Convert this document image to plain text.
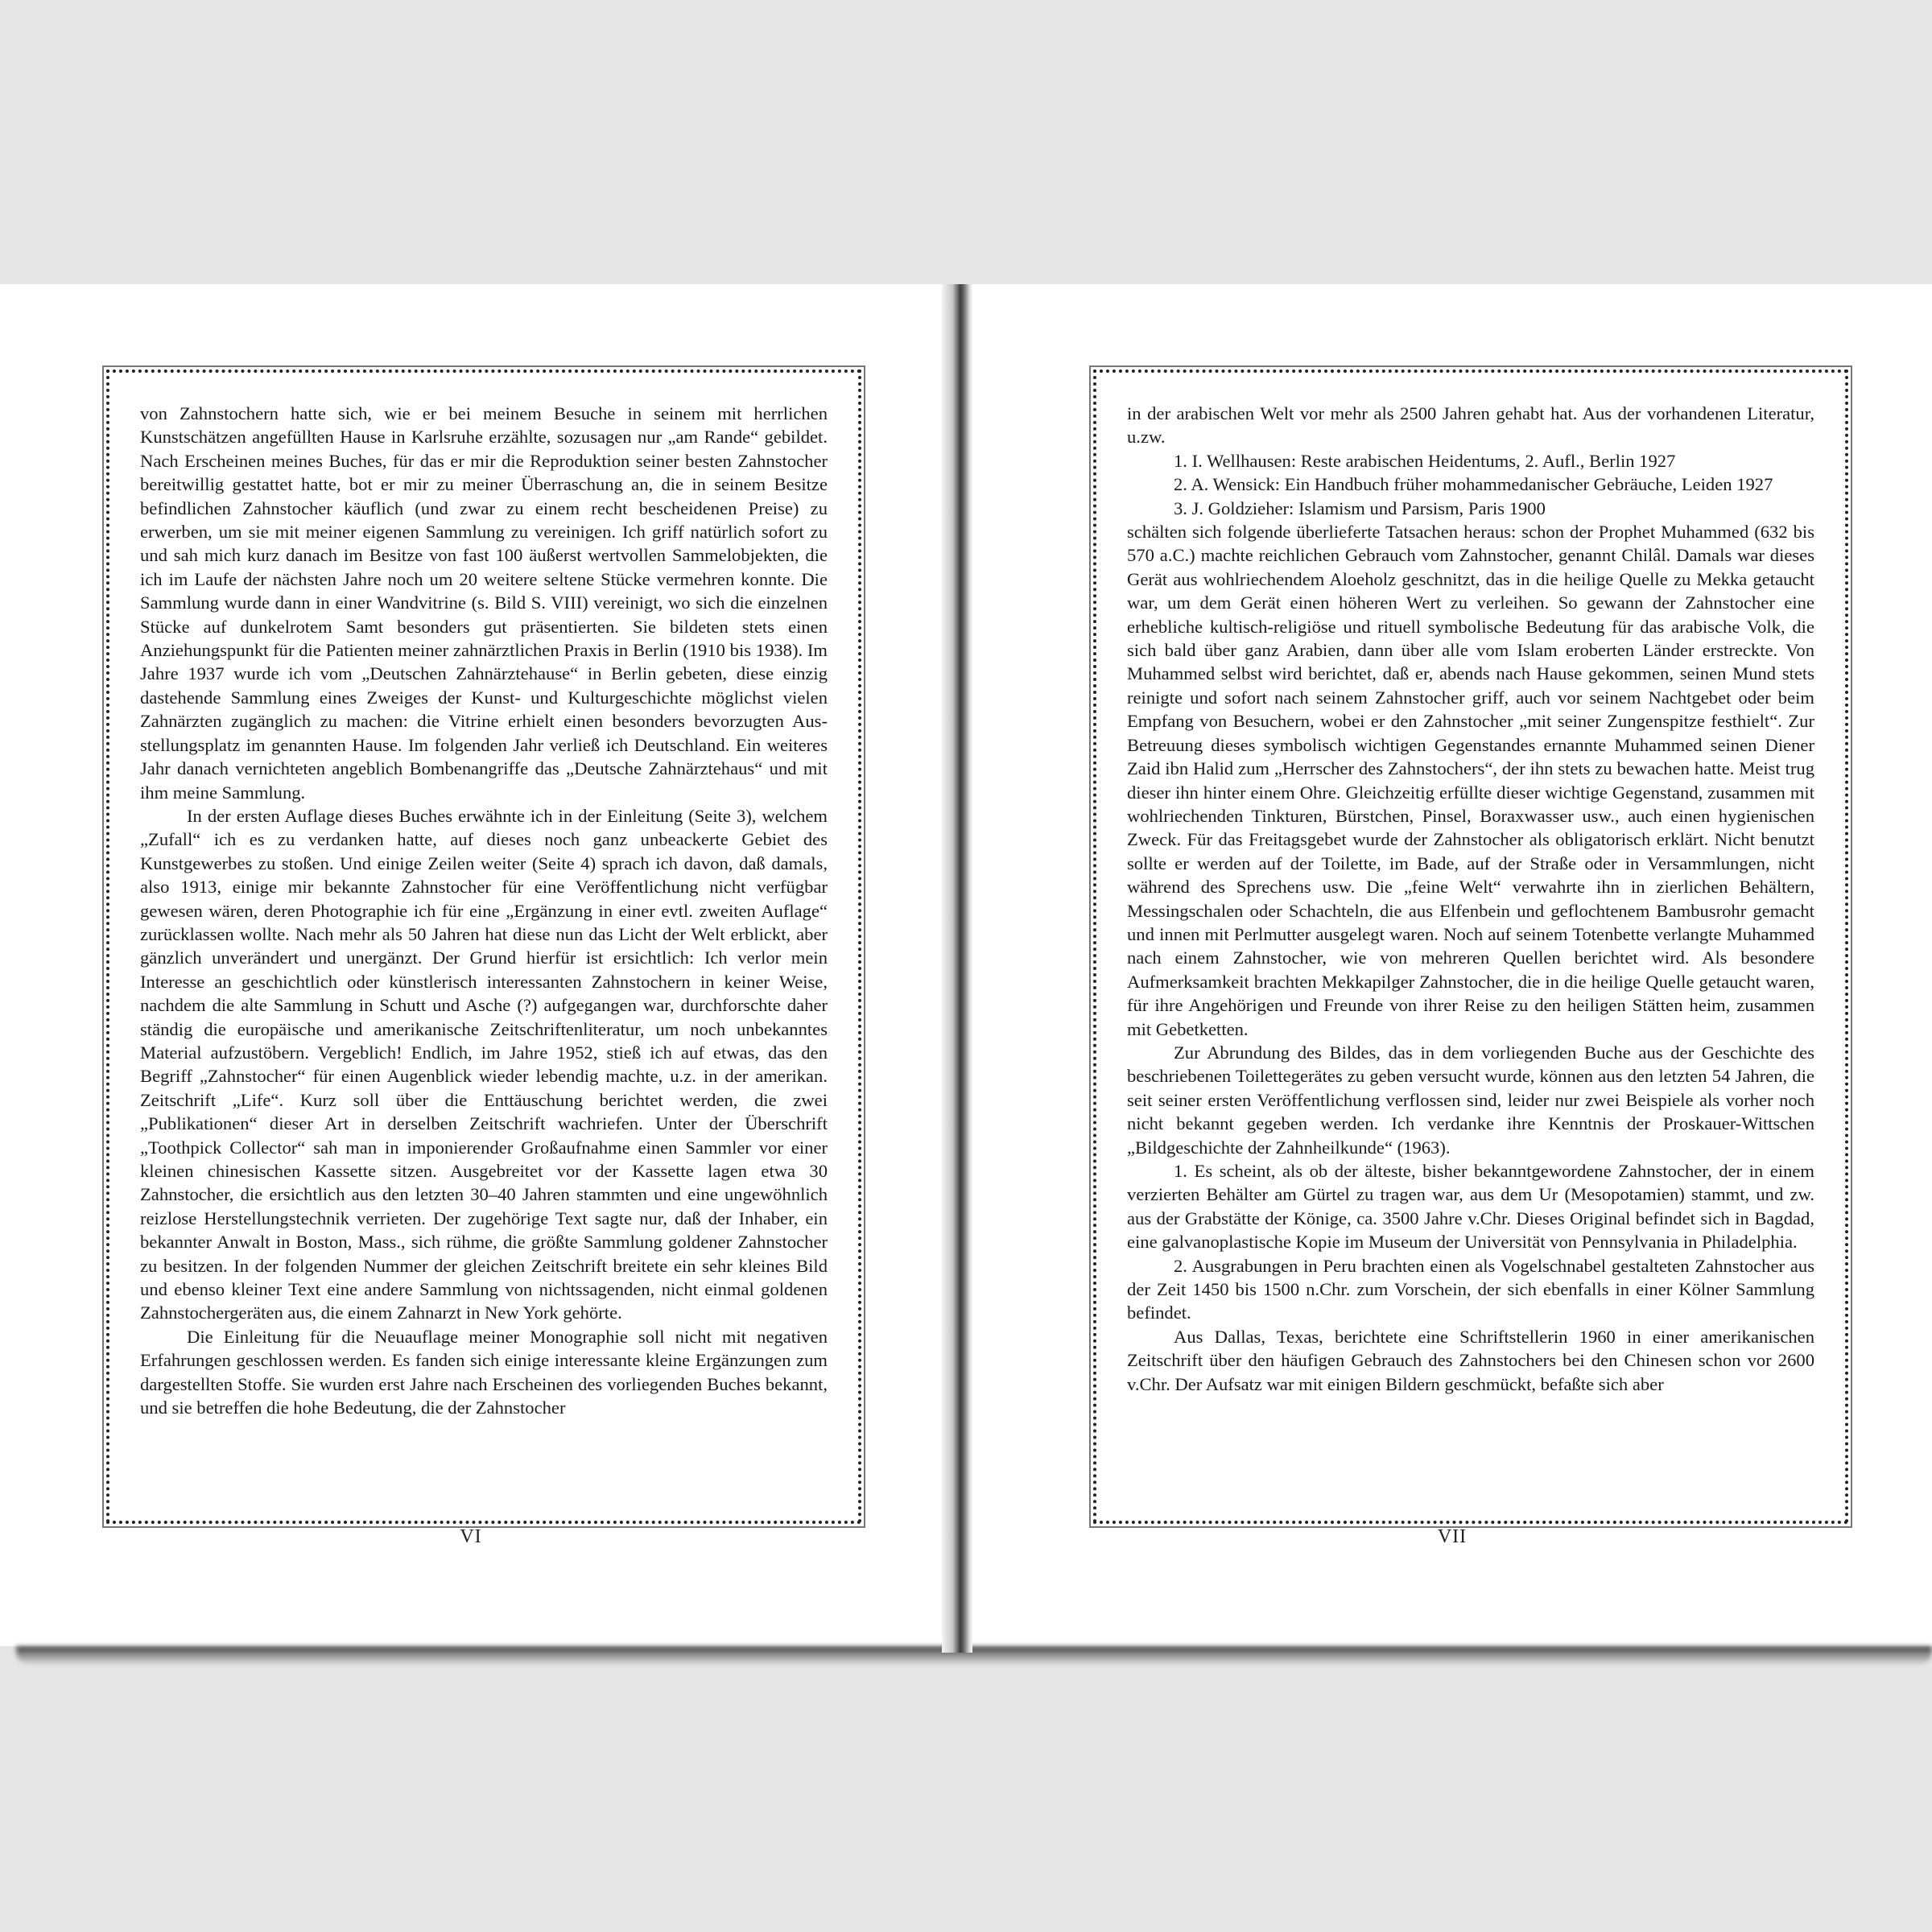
von Zahnstochern hatte sich, wie er bei meinem Besuche in seinem mit herrlichen Kunstschätzen angefüllten Hause in Karlsruhe erzählte, sozusagen nur „am Rande“ gebildet. Nach Erscheinen meines Buches, für das er mir die Reproduktion seiner besten Zahnstocher bereitwillig gestattet hatte, bot er mir zu meiner Überraschung an, die in seinem Besitze befindlichen Zahnstocher käuflich (und zwar zu einem recht bescheidenen Preise) zu erwerben, um sie mit meiner eigenen Sammlung zu vereinigen. Ich griff natürlich sofort zu und sah mich kurz danach im Besitze von fast 100 äußerst wertvollen Sammelobjekten, die ich im Laufe der nächsten Jahre noch um 20 weitere seltene Stücke vermehren konnte. Die Sammlung wurde dann in einer Wandvitrine (s. Bild S. VIII) vereinigt, wo sich die einzelnen Stücke auf dunkelrotem Samt besonders gut präsentierten. Sie bildeten stets einen Anziehungspunkt für die Patienten meiner zahnärztlichen Praxis in Berlin (1910 bis 1938). Im Jahre 1937 wurde ich vom „Deutschen Zahnärztehause“ in Berlin gebeten, diese einzig dastehende Sammlung eines Zweiges der Kunst- und Kulturgeschichte möglichst vielen Zahnärzten zugänglich zu machen: die Vitrine erhielt einen besonders bevorzugten Ausstellungsplatz im genannten Hause. Im folgenden Jahr verließ ich Deutschland. Ein weiteres Jahr danach vernichteten angeblich Bombenangriffe das „Deutsche Zahnärztehaus“ und mit ihm meine Sammlung.

In der ersten Auflage dieses Buches erwähnte ich in der Einleitung (Seite 3), welchem „Zufall“ ich es zu verdanken hatte, auf dieses noch ganz unbeackerte Gebiet des Kunstgewerbes zu stoßen. Und einige Zeilen weiter (Seite 4) sprach ich davon, daß damals, also 1913, einige mir bekannte Zahnstocher für eine Veröffentlichung nicht verfügbar gewesen wären, deren Photographie ich für eine „Ergänzung in einer evtl. zweiten Auflage“ zurücklassen wollte. Nach mehr als 50 Jahren hat diese nun das Licht der Welt erblickt, aber gänzlich unverändert und unergänzt. Der Grund hierfür ist ersichtlich: Ich verlor mein Interesse an geschichtlich oder künstlerisch interessanten Zahnstochern in keiner Weise, nachdem die alte Sammlung in Schutt und Asche (?) aufgegangen war, durchforschte daher ständig die europäische und amerikanische Zeitschriftenliteratur, um noch unbekanntes Material aufzustöbern. Vergeblich! Endlich, im Jahre 1952, stieß ich auf etwas, das den Begriff „Zahnstocher“ für einen Augenblick wieder lebendig machte, u.z. in der amerikan. Zeitschrift „Life“. Kurz soll über die Enttäuschung berichtet werden, die zwei „Publikationen“ dieser Art in derselben Zeitschrift wachriefen. Unter der Überschrift „Toothpick Collector“ sah man in imponierender Großaufnahme einen Sammler vor einer kleinen chinesischen Kassette sitzen. Ausgebreitet vor der Kassette lagen etwa 30 Zahnstocher, die ersichtlich aus den letzten 30–40 Jahren stammten und eine ungewöhnlich reizlose Herstellungstechnik verrieten. Der zugehörige Text sagte nur, daß der Inhaber, ein bekannter Anwalt in Boston, Mass., sich rühme, die größte Sammlung goldener Zahnstocher zu besitzen. In der folgenden Nummer der gleichen Zeitschrift breitete ein sehr kleines Bild und ebenso kleiner Text eine andere Sammlung von nichtssagenden, nicht einmal goldenen Zahnstochergeräten aus, die einem Zahnarzt in New York gehörte.

Die Einleitung für die Neuauflage meiner Monographie soll nicht mit negativen Erfahrungen geschlossen werden. Es fanden sich einige interessante kleine Ergänzungen zum dargestellten Stoffe. Sie wurden erst Jahre nach Erscheinen des vorliegenden Buches bekannt, und sie betreffen die hohe Bedeutung, die der Zahnstocher

VI

in der arabischen Welt vor mehr als 2500 Jahren gehabt hat. Aus der vorhandenen Literatur, u.zw.

1. I. Wellhausen: Reste arabischen Heidentums, 2. Aufl., Berlin 1927
2. A. Wensick: Ein Handbuch früher mohammedanischer Gebräuche, Leiden 1927
3. J. Goldzieher: Islamism und Parsism, Paris 1900

schälten sich folgende überlieferte Tatsachen heraus: schon der Prophet Muhammed (632 bis 570 a.C.) machte reichlichen Gebrauch vom Zahnstocher, genannt Chilâl. Damals war dieses Gerät aus wohlriechendem Aloeholz geschnitzt, das in die heilige Quelle zu Mekka getaucht war, um dem Gerät einen höheren Wert zu verleihen. So gewann der Zahnstocher eine erhebliche kultisch-religiöse und rituell symbolische Bedeutung für das arabische Volk, die sich bald über ganz Arabien, dann über alle vom Islam eroberten Länder erstreckte. Von Muhammed selbst wird berichtet, daß er, abends nach Hause gekommen, seinen Mund stets reinigte und sofort nach seinem Zahnstocher griff, auch vor seinem Nachtgebet oder beim Empfang von Besuchern, wobei er den Zahnstocher „mit seiner Zungenspitze festhielt“. Zur Betreuung dieses symbolisch wichtigen Gegenstandes ernannte Muhammed seinen Diener Zaid ibn Halid zum „Herrscher des Zahnstochers“, der ihn stets zu bewachen hatte. Meist trug dieser ihn hinter einem Ohre. Gleichzeitig erfüllte dieser wichtige Gegenstand, zusammen mit wohlriechenden Tinkturen, Bürstchen, Pinsel, Boraxwasser usw., auch einen hygienischen Zweck. Für das Freitagsgebet wurde der Zahnstocher als obligatorisch erklärt. Nicht benutzt sollte er werden auf der Toilette, im Bade, auf der Straße oder in Versammlungen, nicht während des Sprechens usw. Die „feine Welt“ verwahrte ihn in zierlichen Behältern, Messingschalen oder Schachteln, die aus Elfenbein und geflochtenem Bambusrohr gemacht und innen mit Perlmutter ausgelegt waren. Noch auf seinem Totenbette verlangte Muhammed nach einem Zahnstocher, wie von mehreren Quellen berichtet wird. Als besondere Aufmerksamkeit brachten Mekkapilger Zahnstocher, die in die heilige Quelle getaucht waren, für ihre Angehörigen und Freunde von ihrer Reise zu den heiligen Stätten heim, zusammen mit Gebetketten.

Zur Abrundung des Bildes, das in dem vorliegenden Buche aus der Geschichte des beschriebenen Toilettegerätes zu geben versucht wurde, können aus den letzten 54 Jahren, die seit seiner ersten Veröffentlichung verflossen sind, leider nur zwei Beispiele als vorher noch nicht bekannt gegeben werden. Ich verdanke ihre Kenntnis der Proskauer-Wittschen „Bildgeschichte der Zahnheilkunde“ (1963).

1. Es scheint, als ob der älteste, bisher bekanntgewordene Zahnstocher, der in einem verzierten Behälter am Gürtel zu tragen war, aus dem Ur (Mesopotamien) stammt, und zw. aus der Grabstätte der Könige, ca. 3500 Jahre v.Chr. Dieses Original befindet sich in Bagdad, eine galvanoplastische Kopie im Museum der Universität von Pennsylvania in Philadelphia.

2. Ausgrabungen in Peru brachten einen als Vogelschnabel gestalteten Zahnstocher aus der Zeit 1450 bis 1500 n.Chr. zum Vorschein, der sich ebenfalls in einer Kölner Sammlung befindet.

Aus Dallas, Texas, berichtete eine Schriftstellerin 1960 in einer amerikanischen Zeitschrift über den häufigen Gebrauch des Zahnstochers bei den Chinesen schon vor 2600 v.Chr. Der Aufsatz war mit einigen Bildern geschmückt, befaßte sich aber

VII
